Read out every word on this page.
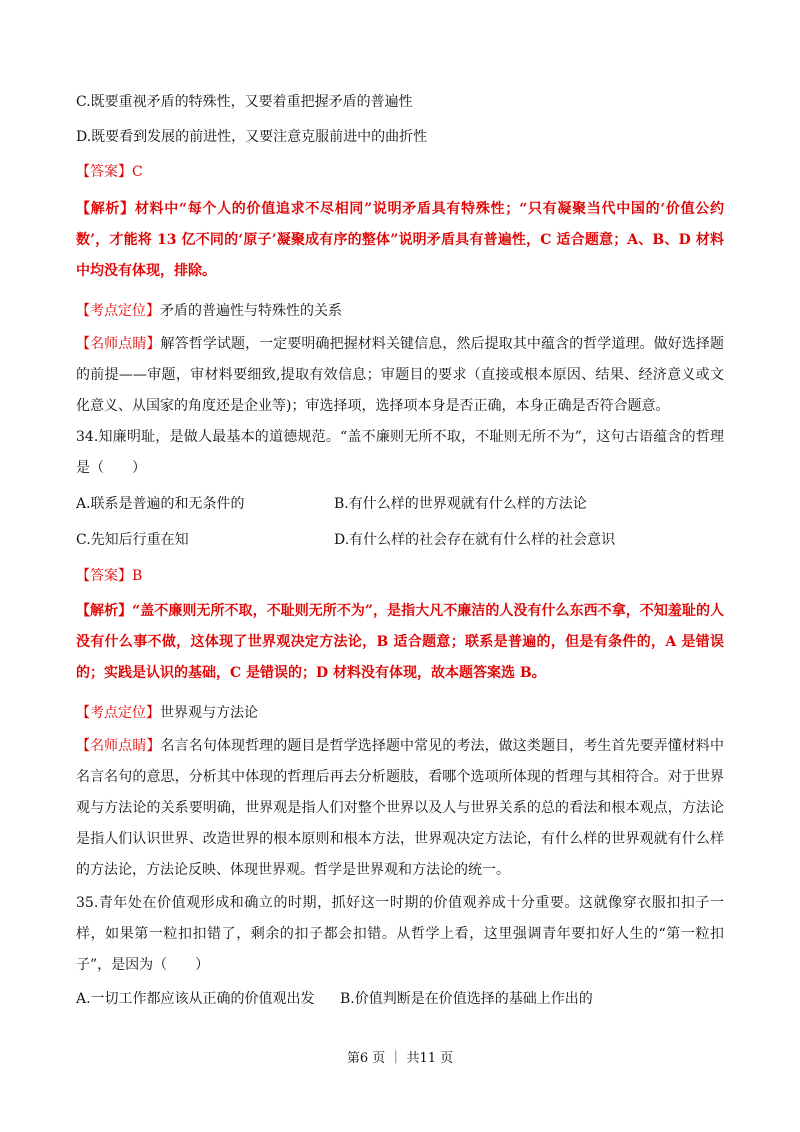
C.既要重视矛盾的特殊性，又要着重把握矛盾的普遍性
D.既要看到发展的前进性，又要注意克服前进中的曲折性
【答案】C
【解析】材料中“每个人的价值追求不尽相同”说明矛盾具有特殊性；“只有凝聚当代中国的‘价值公约数’，才能将 13 亿不同的‘原子’凝聚成有序的整体”说明矛盾具有普遍性，C 适合题意；A、B、D 材料中均没有体现，排除。
【考点定位】矛盾的普遍性与特殊性的关系
【名师点睛】解答哲学试题，一定要明确把握材料关键信息，然后提取其中蕴含的哲学道理。做好选择题的前提——审题，审材料要细致,提取有效信息；审题目的要求（直接或根本原因、结果、经济意义或文化意义、从国家的角度还是企业等)；审选择项，选择项本身是否正确，本身正确是否符合题意。
34.知廉明耻，是做人最基本的道德规范。“盖不廉则无所不取，不耻则无所不为”，这句古语蕴含的哲理是（　　）
A.联系是普遍的和无条件的	B.有什么样的世界观就有什么样的方法论
C.先知后行重在知	D.有什么样的社会存在就有什么样的社会意识
【答案】B
【解析】“盖不廉则无所不取，不耻则无所不为”，是指大凡不廉洁的人没有什么东西不拿，不知羞耻的人没有什么事不做，这体现了世界观决定方法论，B 适合题意；联系是普遍的，但是有条件的，A 是错误的；实践是认识的基础，C 是错误的；D 材料没有体现，故本题答案选 B。
【考点定位】世界观与方法论
【名师点睛】名言名句体现哲理的题目是哲学选择题中常见的考法，做这类题目，考生首先要弄懂材料中名言名句的意思，分析其中体现的哲理后再去分析题肢，看哪个选项所体现的哲理与其相符合。对于世界观与方法论的关系要明确，世界观是指人们对整个世界以及人与世界关系的总的看法和根本观点，方法论是指人们认识世界、改造世界的根本原则和根本方法，世界观决定方法论，有什么样的世界观就有什么样的方法论，方法论反映、体现世界观。哲学是世界观和方法论的统一。
35.青年处在价值观形成和确立的时期，抓好这一时期的价值观养成十分重要。这就像穿衣服扣扣子一样，如果第一粒扣扣错了，剩余的扣子都会扣错。从哲学上看，这里强调青年要扣好人生的“第一粒扣子”，是因为（　　）
A.一切工作都应该从正确的价值观出发	B.价值判断是在价值选择的基础上作出的
第6 页 ｜ 共11 页
